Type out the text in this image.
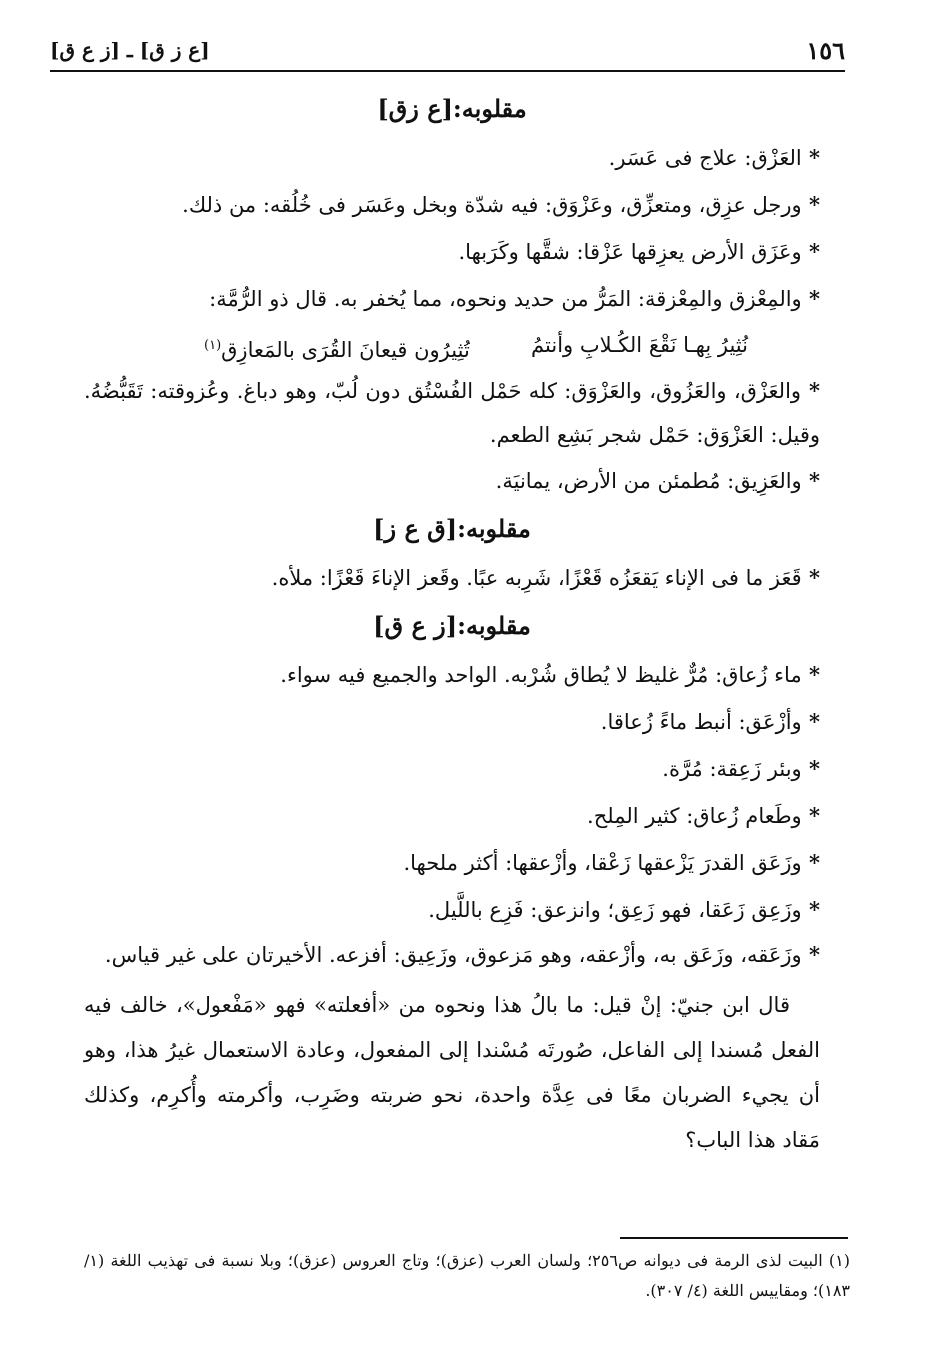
١٥٦
[ع ز ق] ـ [ز ع ق]
مقلوبه:[ع زق]
* العَزْق: علاج فى عَسَر.
* ورجل عزِق، ومتعزِّق، وعَزْوَق: فيه شدّة وبخل وعَسَر فى خُلُقه: من ذلك.
* وعَزَق الأرض يعزِقها عَزْقا: شقَّها وكَرَبها.
* والمِعْزق والمِعْزقة: المَرُّ من حديد ونحوه، مما يُخفر به. قال ذو الرُّمَّة:
نُثِيرُ بِهـا نَقْعَ الكُـلابِ وأنتمُ
تُثِيرُون قيعانَ القُرَى بالمَعازِق$^{(١)}$
* والعَزْق، والعَزُوق، والعَزْوَق: كله حَمْل الفُسْتُق دون لُبّ، وهو دباغ. وعُزوقته: تَقَبُّضُهُ. وقيل: العَزْوَق: حَمْل شجر بَشِع الطعم.
* والعَزِيق: مُطمئن من الأرض، يمانيَة.
مقلوبه:[ق ع ز]
* قَعَز ما فى الإناء يَقعَزُه قَعْزًا، شَرِبه عبًا. وقَعز الإناءَ قَعْزًا: ملأه.
مقلوبه:[ز ع ق]
* ماء زُعاق: مُرٌّ غليظ لا يُطاق شُرْبه. الواحد والجميع فيه سواء.
* وأزْعَق: أنبط ماءً زُعاقا.
* وبئر زَعِقة: مُرَّة.
* وطَعام زُعاق: كثير المِلح.
* وزَعَق القدرَ يَزْعقها زَعْقا، وأزْعقها: أكثر ملحها.
* وزَعِق زَعَقا، فهو زَعِق؛ وانزعق: فَزِع باللَّيل.
* وزَعَقه، وزَعَق به، وأزْعقه، وهو مَزعوق، وزَعِيق: أفزعه. الأخيرتان على غير قياس.
قال ابن جنيّ: إنْ قيل: ما بالُ هذا ونحوه من «أفعلته» فهو «مَفْعول»، خالف فيه الفعل مُسندا إلى الفاعل، صُورتَه مُسْندا إلى المفعول، وعادة الاستعمال غيرُ هذا، وهو أن يجيء الضربان معًا فى عِدَّة واحدة، نحو ضربته وضَرِب، وأكرمته وأُكرِم، وكذلك مَقاد هذا الباب؟
(١) البيت لذى الرمة فى ديوانه ص٢٥٦؛ ولسان العرب (عزق)؛ وتاج العروس (عزق)؛ وبلا نسبة فى تهذيب اللغة (١/ ١٨٣)؛ ومقاييس اللغة (٤/ ٣٠٧).
